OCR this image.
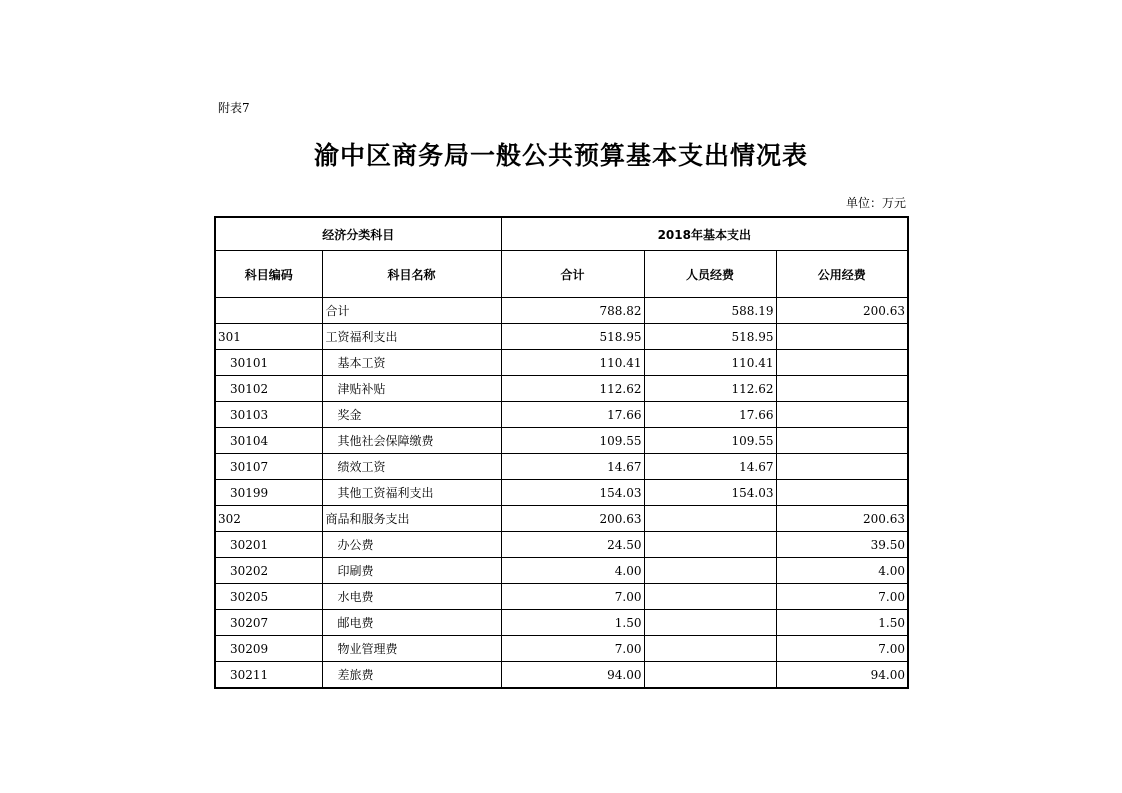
附表7
渝中区商务局一般公共预算基本支出情况表
单位：万元
经济分类科目		2018年基本支出		
科目编码	科目名称	合计	人员经费	公用经费
	合计	788.82	588.19	200.63
301	工资福利支出	518.95	518.95	
30101	基本工资	110.41	110.41	
30102	津贴补贴	112.62	112.62	
30103	奖金	17.66	17.66	
30104	其他社会保障缴费	109.55	109.55	
30107	绩效工资	14.67	14.67	
30199	其他工资福利支出	154.03	154.03	
302	商品和服务支出	200.63		200.63
30201	办公费	24.50		39.50
30202	印刷费	4.00		4.00
30205	水电费	7.00		7.00
30207	邮电费	1.50		1.50
30209	物业管理费	7.00		7.00
30211	差旅费	94.00		94.00
